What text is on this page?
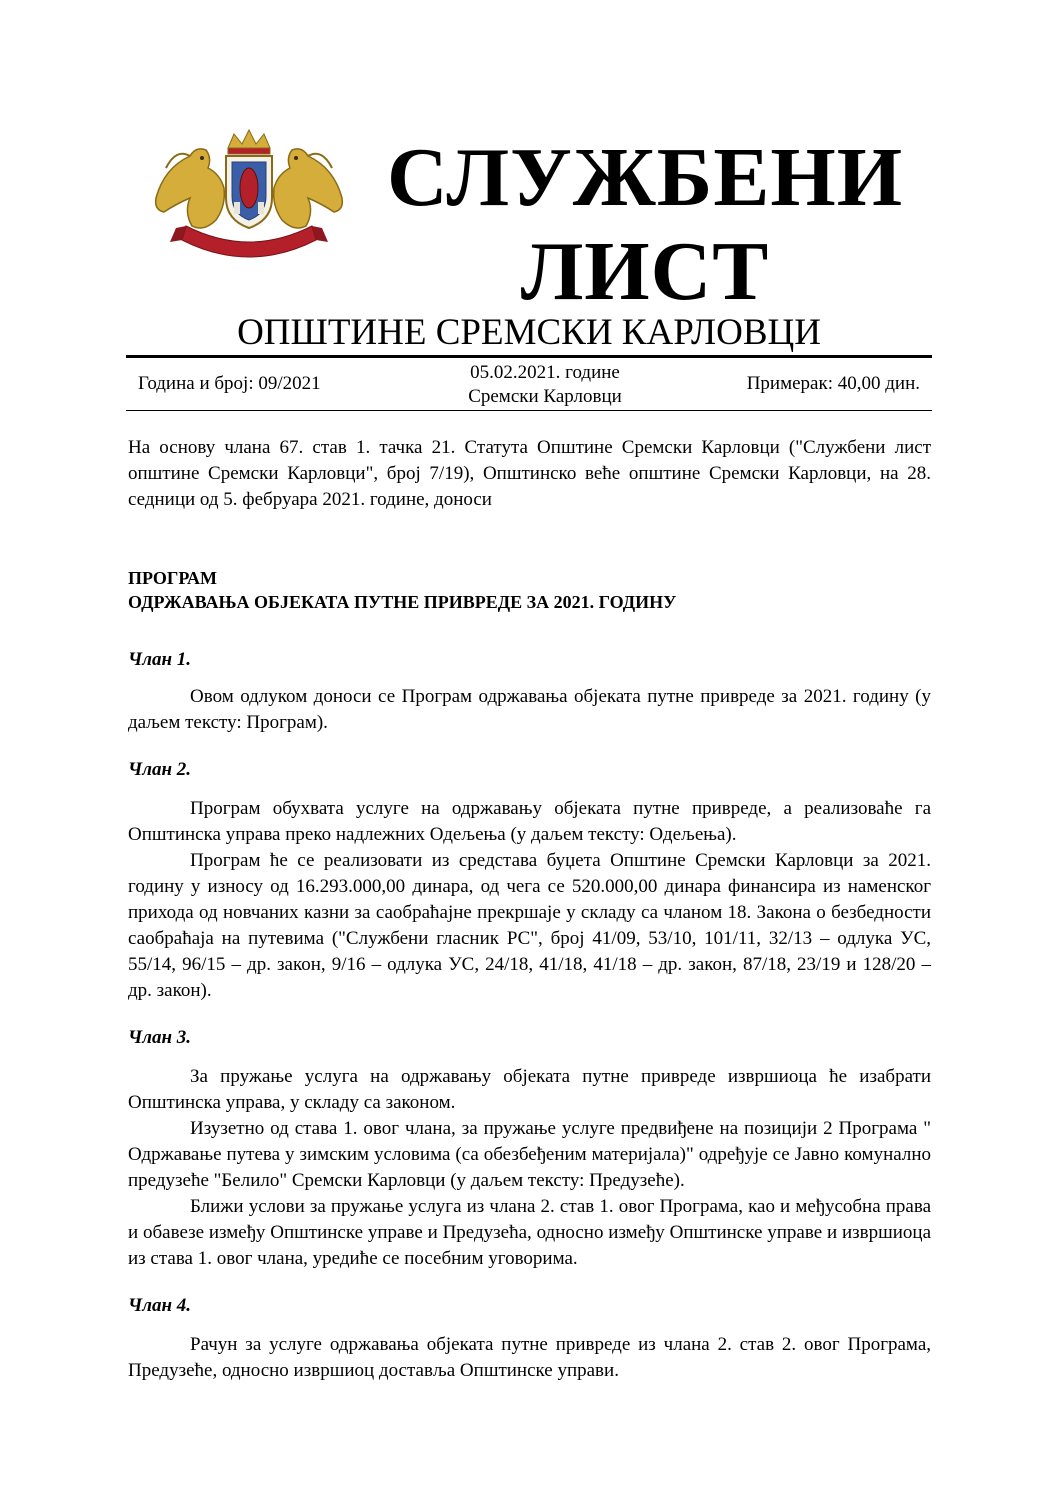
СЛУЖБЕНИ
ЛИСТ
ОПШТИНЕ СРЕМСКИ КАРЛОВЦИ
Година и број: 09/2021
05.02.2021. године
Сремски Карловци
Примерак: 40,00 дин.

На основу члана 67. став 1. тачка 21. Статута Општине Сремски Карловци ("Службени лист општине Сремски Карловци", број 7/19), Општинско веће општине Сремски Карловци, на 28. седници од 5. фебруара 2021. године, доноси

ПРОГРАМ

ОДРЖАВАЊА ОБЈЕКАТА ПУТНЕ ПРИВРЕДЕ ЗА 2021. ГОДИНУ

Члан 1.

Овом одлуком доноси се Програм одржавања објеката путне привреде за 2021. годину (у даљем тексту: Програм).

Члан 2.

Програм обухвата услуге на одржавању објеката путне привреде, а реализоваће га Општинска управа преко надлежних Одељења (у даљем тексту: Одељења).

Програм ће се реализовати из средстава буџета Општине Сремски Карловци за 2021. годину у износу од 16.293.000,00 динара, од чега се 520.000,00 динара финансира из наменског прихода од новчаних казни за саобраћајне прекршаје у складу са чланом 18. Закона о безбедности саобраћаја на путевима ("Службени гласник РС", број 41/09, 53/10, 101/11, 32/13 – одлука УС, 55/14, 96/15 – др. закон, 9/16 – одлука УС, 24/18, 41/18, 41/18 – др. закон, 87/18, 23/19 и 128/20 – др. закон).

Члан 3.

За пружање услуга на одржавању објеката путне привреде извршиоца ће изабрати Општинска управа, у складу са законом.

Изузетно од става 1. овог члана, за пружање услуге предвиђене на позицији 2 Програма " Одржавање путева у зимским условима (са обезбеђеним материјала)" одређује се Јавно комунално предузеће "Белило" Сремски Карловци (у даљем тексту: Предузеће).

Ближи услови за пружање услуга из члана 2. став 1. овог Програма, као и међусобна права и обавезе између Општинске управе и Предузећа, односно између Општинске управе и извршиоца из става 1. овог члана, уредиће се посебним уговорима.

Члан 4.

Рачун за услуге одржавања објеката путне привреде из члана 2. став 2. овог Програма, Предузеће, односно извршиоц доставља Општинске управи.
